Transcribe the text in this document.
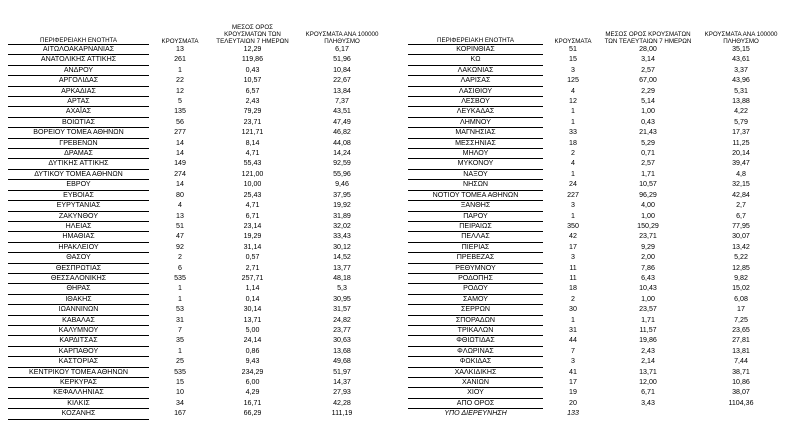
ΠΕΡΙΦΕΡΕΙΑΚΗ ΕΝΟΤΗΤΑ	ΚΡΟΥΣΜΑΤΑ	ΜΕΣΟΣ ΟΡΟΣ ΚΡΟΥΣΜΑΤΩΝ ΤΩΝ ΤΕΛΕΥΤΑΙΩΝ 7 ΗΜΕΡΩΝ	ΚΡΟΥΣΜΑΤΑ ΑΝΑ 100000 ΠΛΗΘΥΣΜΟ
ΑΙΤΩΛΟΑΚΑΡΝΑΝΙΑΣ	13	12,29	6,17
ΑΝΑΤΟΛΙΚΗΣ ΑΤΤΙΚΗΣ	261	119,86	51,96
ΑΝΔΡΟΥ	1	0,43	10,84
ΑΡΓΟΛΙΔΑΣ	22	10,57	22,67
ΑΡΚΑΔΙΑΣ	12	6,57	13,84
ΑΡΤΑΣ	5	2,43	7,37
ΑΧΑΪΑΣ	135	79,29	43,51
ΒΟΙΩΤΙΑΣ	56	23,71	47,49
ΒΟΡΕΙΟΥ ΤΟΜΕΑ ΑΘΗΝΩΝ	277	121,71	46,82
ΓΡΕΒΕΝΩΝ	14	8,14	44,08
ΔΡΑΜΑΣ	14	4,71	14,24
ΔΥΤΙΚΗΣ ΑΤΤΙΚΗΣ	149	55,43	92,59
ΔΥΤΙΚΟΥ ΤΟΜΕΑ ΑΘΗΝΩΝ	274	121,00	55,96
ΕΒΡΟΥ	14	10,00	9,46
ΕΥΒΟΙΑΣ	80	25,43	37,95
ΕΥΡΥΤΑΝΙΑΣ	4	4,71	19,92
ΖΑΚΥΝΘΟΥ	13	6,71	31,89
ΗΛΕΙΑΣ	51	23,14	32,02
ΗΜΑΘΙΑΣ	47	19,29	33,43
ΗΡΑΚΛΕΙΟΥ	92	31,14	30,12
ΘΑΣΟΥ	2	0,57	14,52
ΘΕΣΠΡΩΤΙΑΣ	6	2,71	13,77
ΘΕΣΣΑΛΟΝΙΚΗΣ	535	257,71	48,18
ΘΗΡΑΣ	1	1,14	5,3
ΙΘΑΚΗΣ	1	0,14	30,95
ΙΩΑΝΝΙΝΩΝ	53	30,14	31,57
ΚΑΒΑΛΑΣ	31	13,71	24,82
ΚΑΛΥΜΝΟΥ	7	5,00	23,77
ΚΑΡΔΙΤΣΑΣ	35	24,14	30,63
ΚΑΡΠΑΘΟΥ	1	0,86	13,68
ΚΑΣΤΟΡΙΑΣ	25	9,43	49,68
ΚΕΝΤΡΙΚΟΥ ΤΟΜΕΑ ΑΘΗΝΩΝ	535	234,29	51,97
ΚΕΡΚΥΡΑΣ	15	6,00	14,37
ΚΕΦΑΛΛΗΝΙΑΣ	10	4,29	27,93
ΚΙΛΚΙΣ	34	16,71	42,28
ΚΟΖΑΝΗΣ	167	66,29	111,19
ΠΕΡΙΦΕΡΕΙΑΚΗ ΕΝΟΤΗΤΑ	ΚΡΟΥΣΜΑΤΑ	ΜΕΣΟΣ ΟΡΟΣ ΚΡΟΥΣΜΑΤΩΝ ΤΩΝ ΤΕΛΕΥΤΑΙΩΝ 7 ΗΜΕΡΩΝ	ΚΡΟΥΣΜΑΤΑ ΑΝΑ 100000 ΠΛΗΘΥΣΜΟ
ΚΟΡΙΝΘΙΑΣ	51	28,00	35,15
ΚΩ	15	3,14	43,61
ΛΑΚΩΝΙΑΣ	3	2,57	3,37
ΛΑΡΙΣΑΣ	125	67,00	43,96
ΛΑΣΙΘΙΟΥ	4	2,29	5,31
ΛΕΣΒΟΥ	12	5,14	13,88
ΛΕΥΚΑΔΑΣ	1	1,00	4,22
ΛΗΜΝΟΥ	1	0,43	5,79
ΜΑΓΝΗΣΙΑΣ	33	21,43	17,37
ΜΕΣΣΗΝΙΑΣ	18	5,29	11,25
ΜΗΛΟΥ	2	0,71	20,14
ΜΥΚΟΝΟΥ	4	2,57	39,47
ΝΑΞΟΥ	1	1,71	4,8
ΝΗΣΩΝ	24	10,57	32,15
ΝΟΤΙΟΥ ΤΟΜΕΑ ΑΘΗΝΩΝ	227	96,29	42,84
ΞΑΝΘΗΣ	3	4,00	2,7
ΠΑΡΟΥ	1	1,00	6,7
ΠΕΙΡΑΙΩΣ	350	150,29	77,95
ΠΕΛΛΑΣ	42	23,71	30,07
ΠΙΕΡΙΑΣ	17	9,29	13,42
ΠΡΕΒΕΖΑΣ	3	2,00	5,22
ΡΕΘΥΜΝΟΥ	11	7,86	12,85
ΡΟΔΟΠΗΣ	11	6,43	9,82
ΡΟΔΟΥ	18	10,43	15,02
ΣΑΜΟΥ	2	1,00	6,08
ΣΕΡΡΩΝ	30	23,57	17
ΣΠΟΡΑΔΩΝ	1	1,71	7,25
ΤΡΙΚΑΛΩΝ	31	11,57	23,65
ΦΘΙΩΤΙΔΑΣ	44	19,86	27,81
ΦΛΩΡΙΝΑΣ	7	2,43	13,81
ΦΩΚΙΔΑΣ	3	2,14	7,44
ΧΑΛΚΙΔΙΚΗΣ	41	13,71	38,71
ΧΑΝΙΩΝ	17	12,00	10,86
ΧΙΟΥ	19	6,71	38,07
ΑΠΟ ΟΡΟΣ	20	3,43	1104,36
ΥΠΟ ΔΙΕΡΕΥΝΗΣΗ	133		
